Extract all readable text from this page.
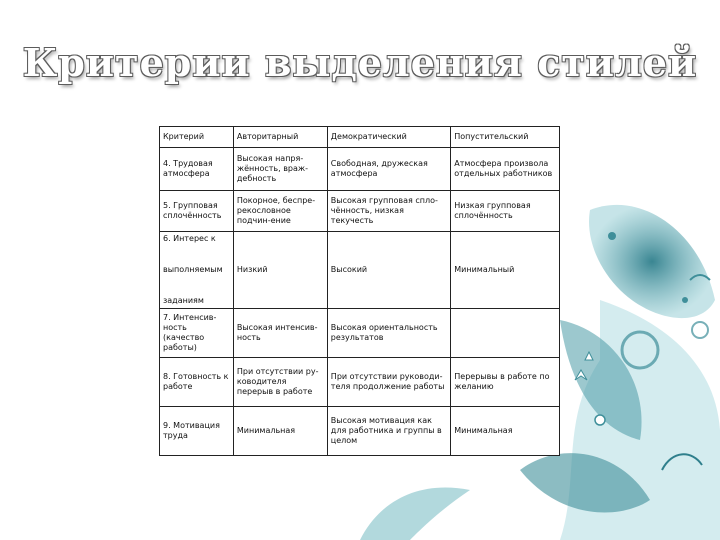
Критерии выделения стилей
Критерий	Авторитарный	Демократический	Попустительский
4. Трудовая атмосфера	Высокая напря-жённость, враж-дебность	Свободная, дружеская атмосфера	Атмосфера произвола отдельных работников
5. Групповая сплочённость	Покорное, беспре-рекословное подчин-ение	Высокая групповая спло-чённость, низкая текучесть	Низкая групповая сплочённость

6. Интерес к
выполняемым
заданиям	Низкий	Высокий	Минимальный
7. Интенсив-ность (качество работы)	Высокая интенсив-ность	Высокая ориентальность результатов	
8. Готовность к работе	При отсутствии ру-ководителя перерыв в работе	При отсутствии руководи-теля продолжение работы	Перерывы в работе по желанию
9. Мотивация труда	Минимальная	Высокая мотивация как для работника и группы в целом	Минимальная
